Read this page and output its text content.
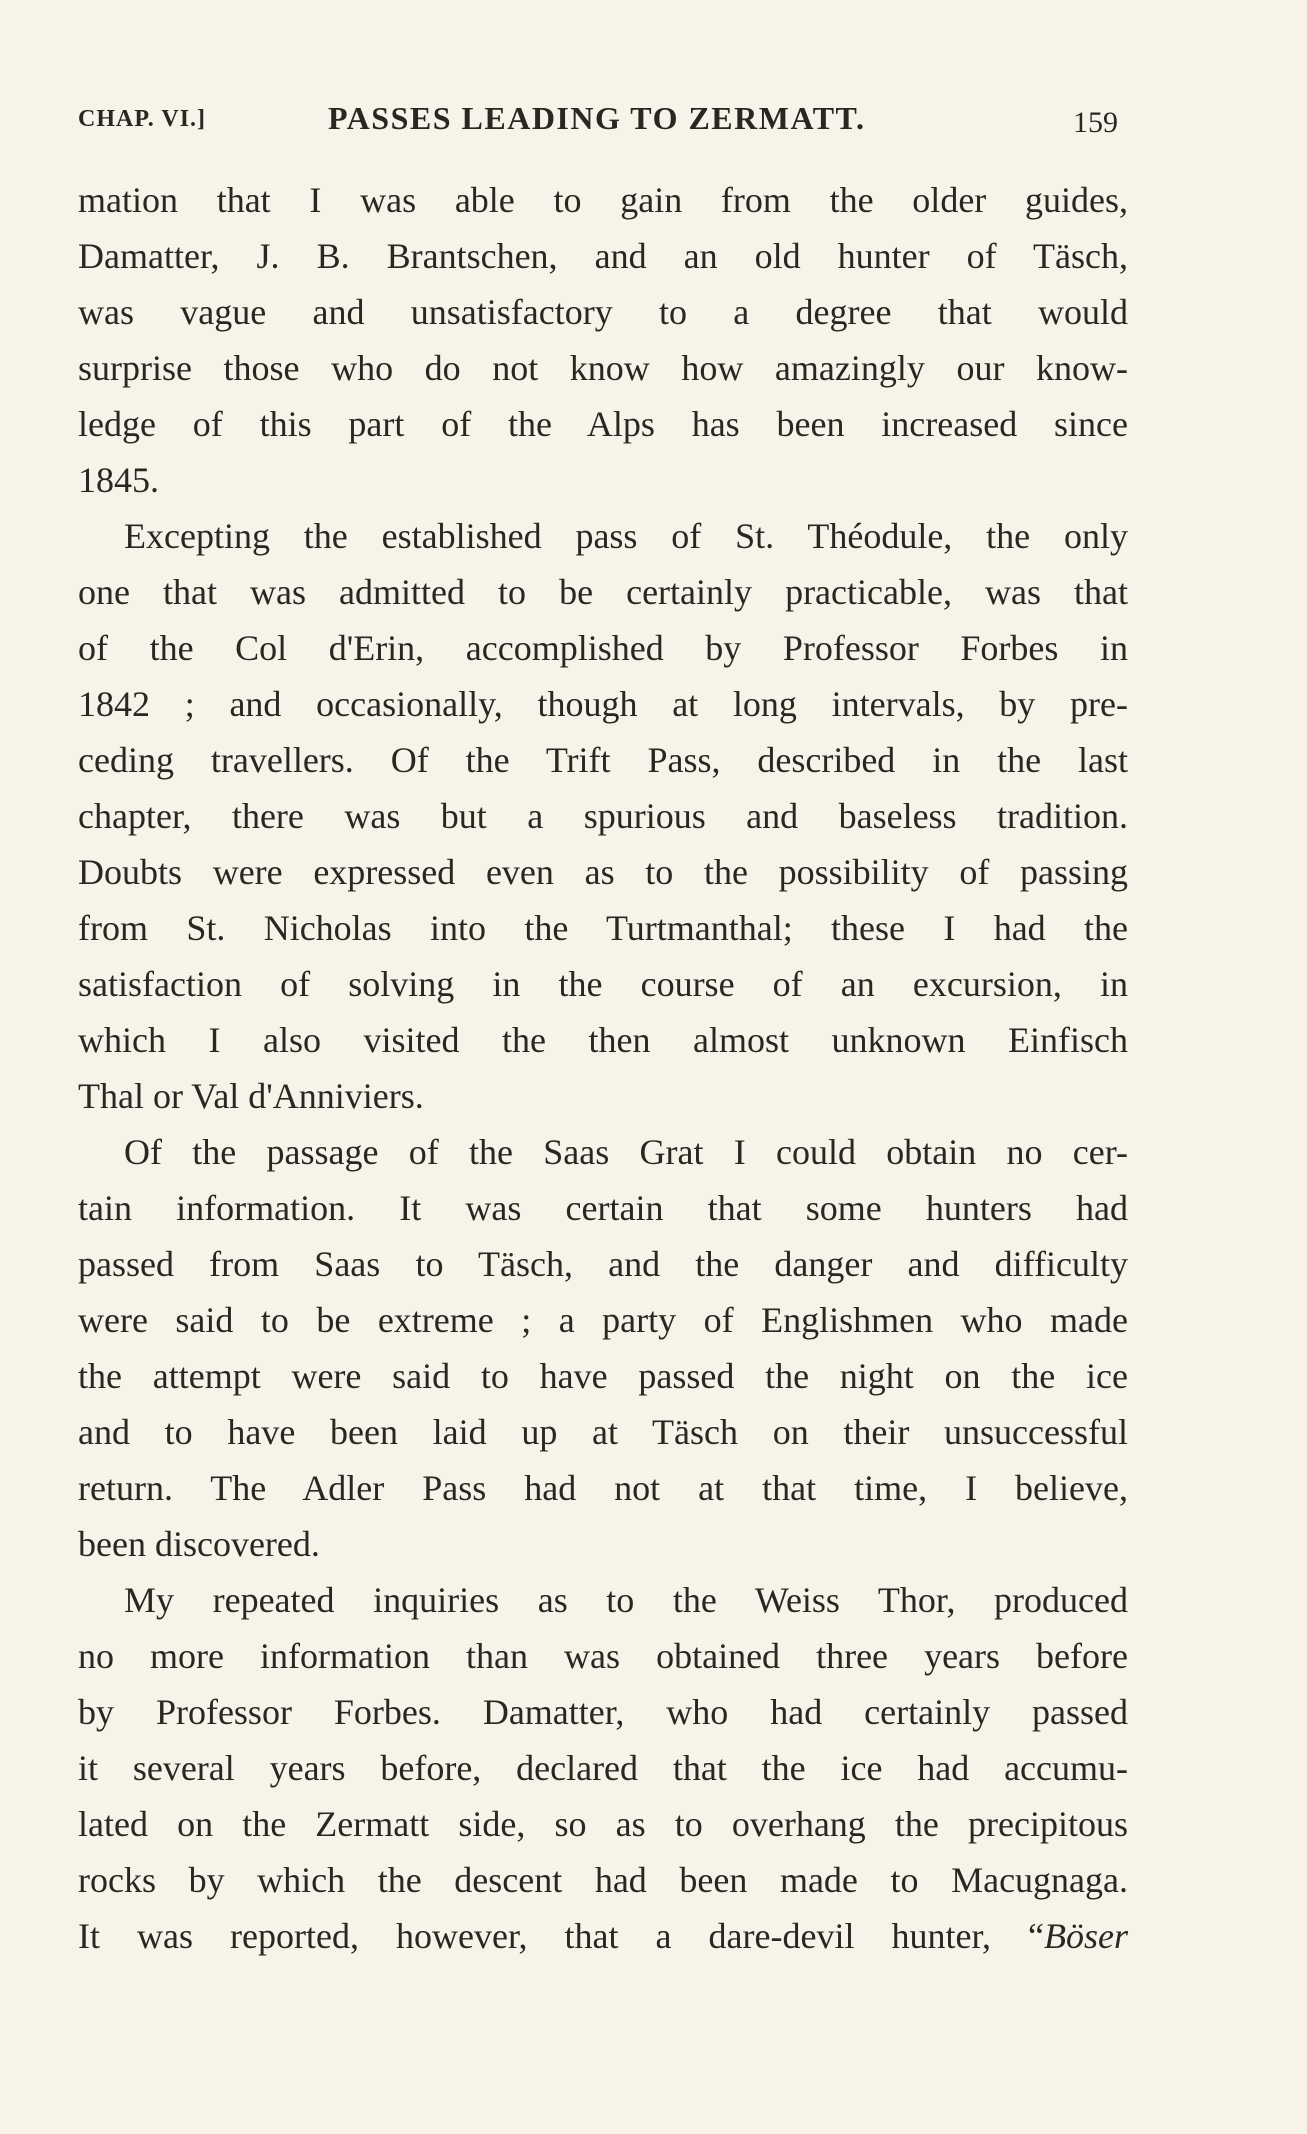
CHAP. VI.]	PASSES LEADING TO ZERMATT.	159
mation that I was able to gain from the older guides,
Damatter, J. B. Brantschen, and an old hunter of Täsch,
was vague and unsatisfactory to a degree that would
surprise those who do not know how amazingly our know-
ledge of this part of the Alps has been increased since
1845.
Excepting the established pass of St. Théodule, the only
one that was admitted to be certainly practicable, was that
of the Col d'Erin, accomplished by Professor Forbes in
1842 ; and occasionally, though at long intervals, by pre-
ceding travellers. Of the Trift Pass, described in the last
chapter, there was but a spurious and baseless tradition.
Doubts were expressed even as to the possibility of passing
from St. Nicholas into the Turtmanthal; these I had the
satisfaction of solving in the course of an excursion, in
which I also visited the then almost unknown Einfisch
Thal or Val d'Anniviers.
Of the passage of the Saas Grat I could obtain no cer-
tain information. It was certain that some hunters had
passed from Saas to Täsch, and the danger and difficulty
were said to be extreme ; a party of Englishmen who made
the attempt were said to have passed the night on the ice
and to have been laid up at Täsch on their unsuccessful
return. The Adler Pass had not at that time, I believe,
been discovered.
My repeated inquiries as to the Weiss Thor, produced
no more information than was obtained three years before
by Professor Forbes. Damatter, who had certainly passed
it several years before, declared that the ice had accumu-
lated on the Zermatt side, so as to overhang the precipitous
rocks by which the descent had been made to Macugnaga.
It was reported, however, that a dare-devil hunter, “Böser
